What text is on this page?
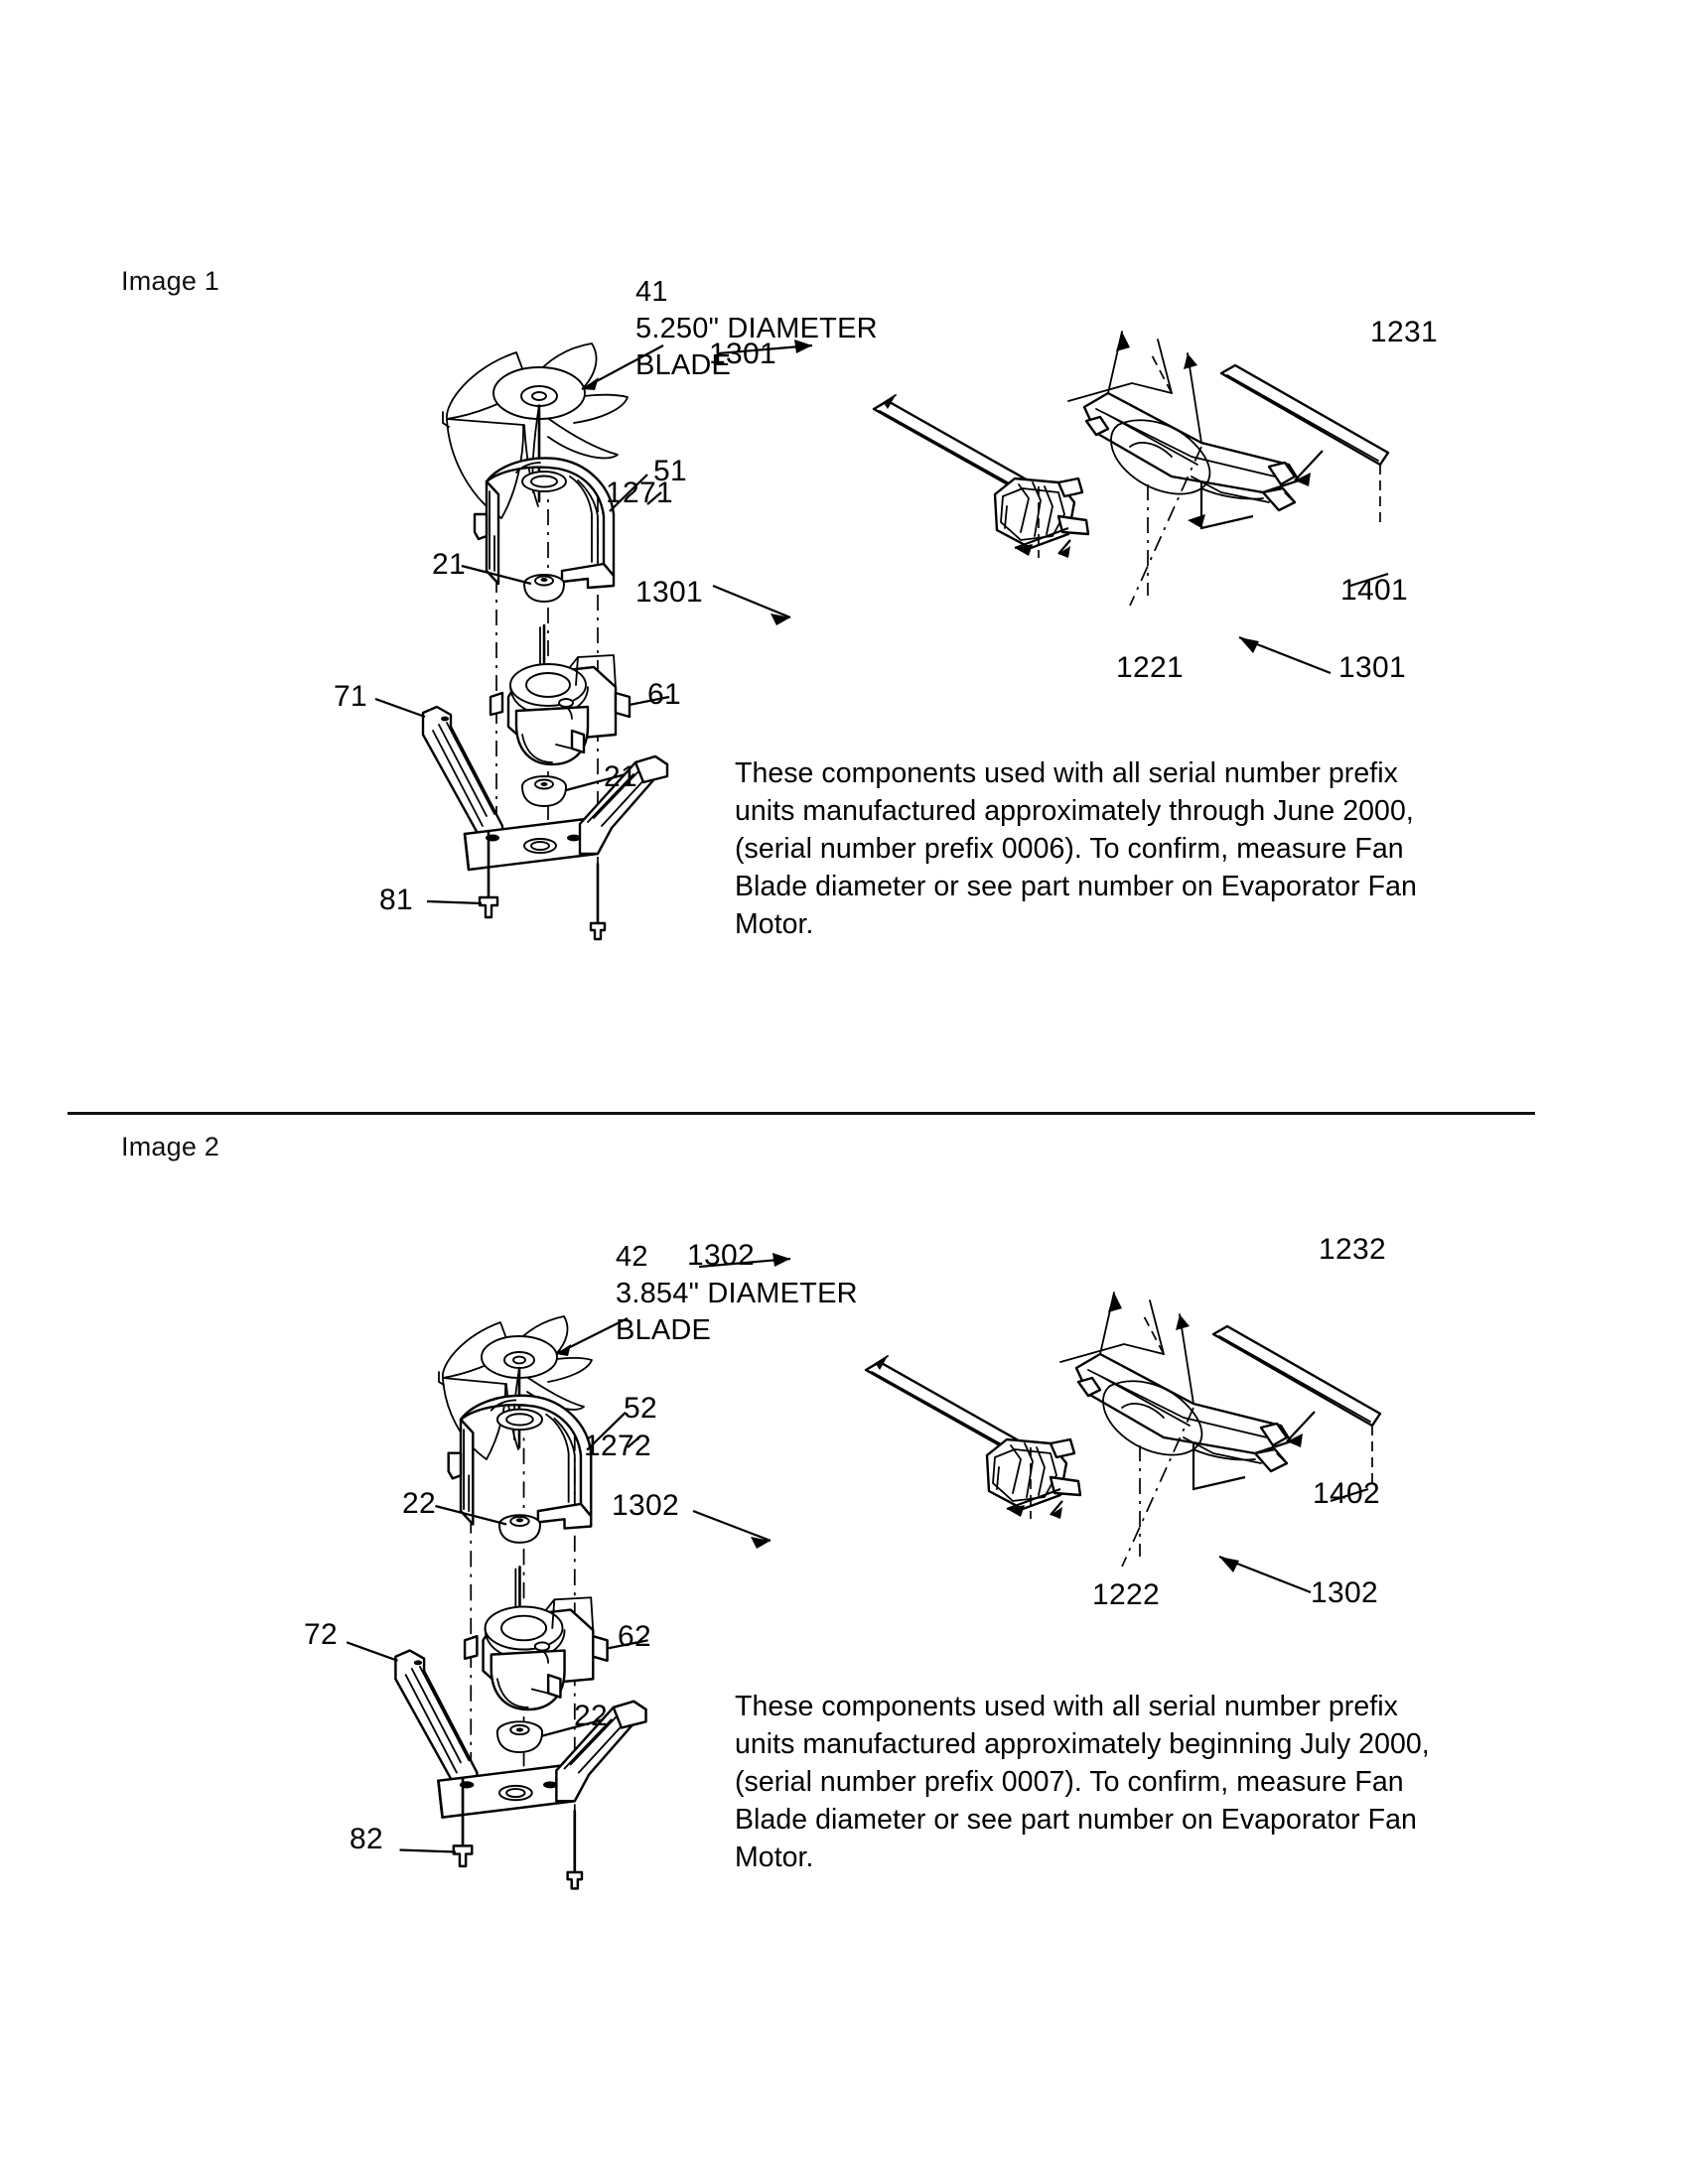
Image 1	41
5.250" DIAMETER
BLADE
51
21
61
21
71
81
1301
1231
1271
1301	1401
1221	1301
These components used with all serial number prefix units manufactured approximately through June 2000, (serial number prefix 0006). To confirm, measure Fan Blade diameter or see part number on Evaporator Fan Motor.
Image 2
42
3.854" DIAMETER
BLADE
52
22
62
22
72
82
1302	1232
1272
1302	1402
1222	1302
These components used with all serial number prefix units manufactured approximately beginning July 2000, (serial number prefix 0007). To confirm, measure Fan Blade diameter or see part number on Evaporator Fan Motor.
